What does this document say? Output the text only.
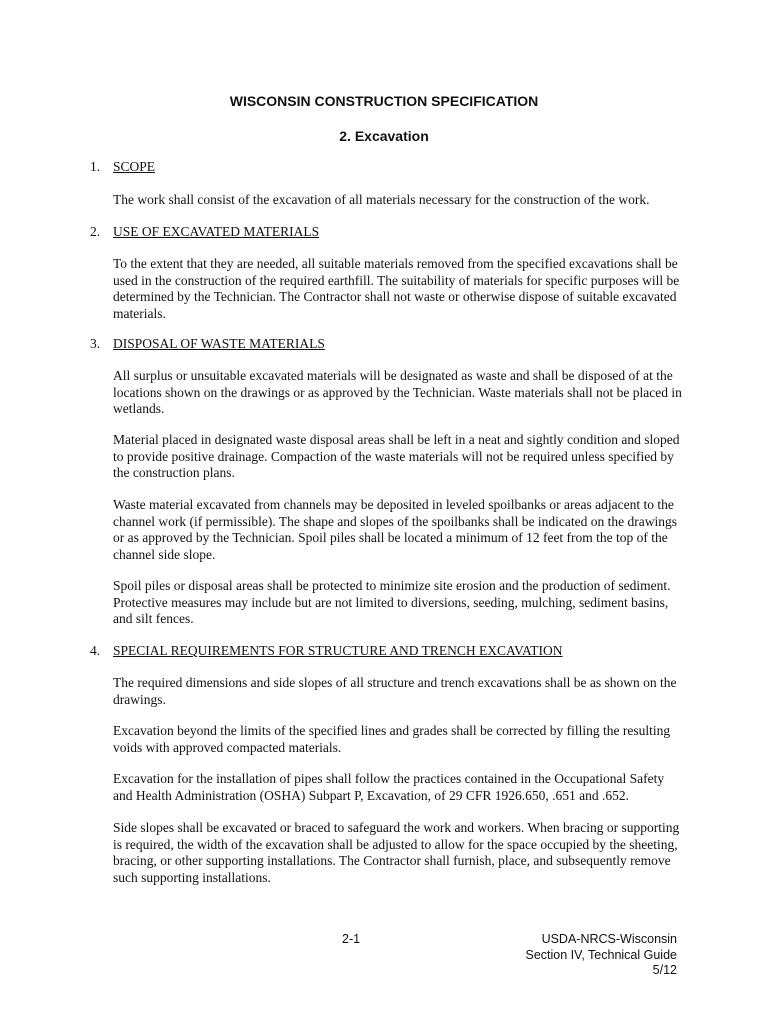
WISCONSIN CONSTRUCTION SPECIFICATION
2. Excavation
1. SCOPE

The work shall consist of the excavation of all materials necessary for the construction of the work.

2. USE OF EXCAVATED MATERIALS

To the extent that they are needed, all suitable materials removed from the specified excavations shall be used in the construction of the required earthfill. The suitability of materials for specific purposes will be determined by the Technician. The Contractor shall not waste or otherwise dispose of suitable excavated materials.

3. DISPOSAL OF WASTE MATERIALS

All surplus or unsuitable excavated materials will be designated as waste and shall be disposed of at the locations shown on the drawings or as approved by the Technician. Waste materials shall not be placed in wetlands.

Material placed in designated waste disposal areas shall be left in a neat and sightly condition and sloped to provide positive drainage. Compaction of the waste materials will not be required unless specified by the construction plans.

Waste material excavated from channels may be deposited in leveled spoilbanks or areas adjacent to the channel work (if permissible). The shape and slopes of the spoilbanks shall be indicated on the drawings or as approved by the Technician. Spoil piles shall be located a minimum of 12 feet from the top of the channel side slope.

Spoil piles or disposal areas shall be protected to minimize site erosion and the production of sediment. Protective measures may include but are not limited to diversions, seeding, mulching, sediment basins, and silt fences.

4. SPECIAL REQUIREMENTS FOR STRUCTURE AND TRENCH EXCAVATION

The required dimensions and side slopes of all structure and trench excavations shall be as shown on the drawings.

Excavation beyond the limits of the specified lines and grades shall be corrected by filling the resulting voids with approved compacted materials.

Excavation for the installation of pipes shall follow the practices contained in the Occupational Safety and Health Administration (OSHA) Subpart P, Excavation, of 29 CFR 1926.650, .651 and .652.

Side slopes shall be excavated or braced to safeguard the work and workers. When bracing or supporting is required, the width of the excavation shall be adjusted to allow for the space occupied by the sheeting, bracing, or other supporting installations. The Contractor shall furnish, place, and subsequently remove such supporting installations.

2-1	USDA-NRCS-Wisconsin
Section IV, Technical Guide
5/12
